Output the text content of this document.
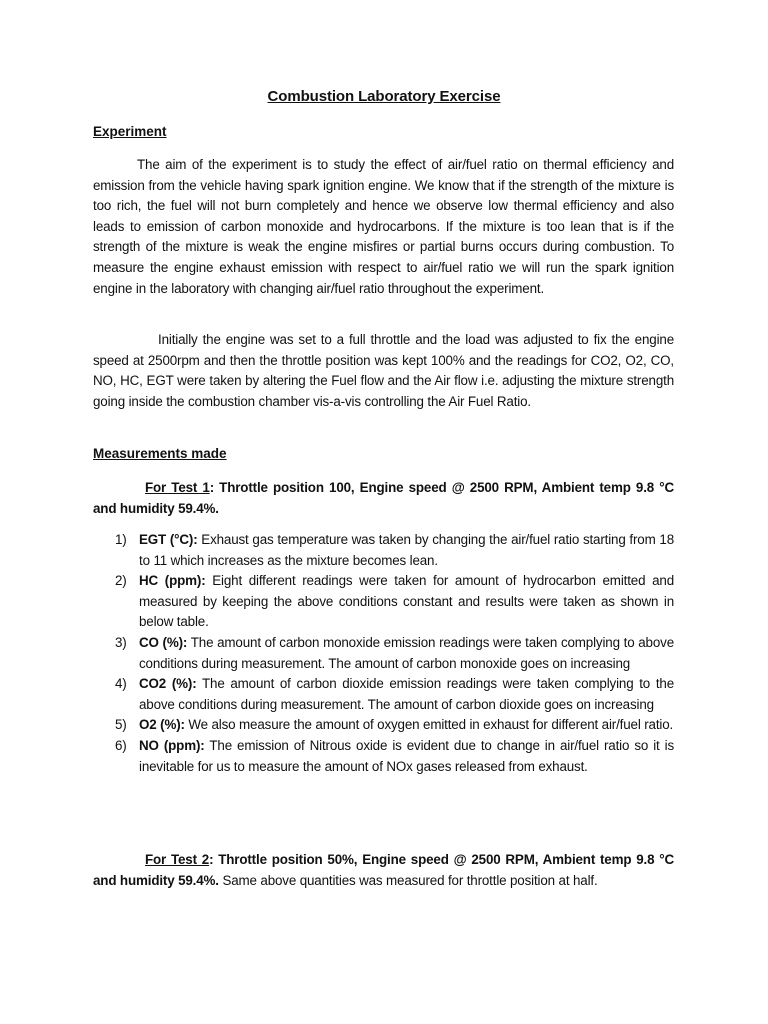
Combustion Laboratory Exercise
Experiment

The aim of the experiment is to study the effect of air/fuel ratio on thermal efficiency and emission from the vehicle having spark ignition engine. We know that if the strength of the mixture is too rich, the fuel will not burn completely and hence we observe low thermal efficiency and also leads to emission of carbon monoxide and hydrocarbons. If the mixture is too lean that is if the strength of the mixture is weak the engine misfires or partial burns occurs during combustion. To measure the engine exhaust emission with respect to air/fuel ratio we will run the spark ignition engine in the laboratory with changing air/fuel ratio throughout the experiment.

Initially the engine was set to a full throttle and the load was adjusted to fix the engine speed at 2500rpm and then the throttle position was kept 100% and the readings for CO2, O2, CO, NO, HC, EGT were taken by altering the Fuel flow and the Air flow i.e. adjusting the mixture strength going inside the combustion chamber vis-a-vis controlling the Air Fuel Ratio.

Measurements made

For Test 1: Throttle position 100, Engine speed @ 2500 RPM, Ambient temp 9.8 °C and humidity 59.4%.

1) EGT (°C): Exhaust gas temperature was taken by changing the air/fuel ratio starting from 18 to 11 which increases as the mixture becomes lean.
2) HC (ppm): Eight different readings were taken for amount of hydrocarbon emitted and measured by keeping the above conditions constant and results were taken as shown in below table.
3) CO (%): The amount of carbon monoxide emission readings were taken complying to above conditions during measurement. The amount of carbon monoxide goes on increasing
4) CO2 (%): The amount of carbon dioxide emission readings were taken complying to the above conditions during measurement. The amount of carbon dioxide goes on increasing
5) O2 (%): We also measure the amount of oxygen emitted in exhaust for different air/fuel ratio.
6) NO (ppm): The emission of Nitrous oxide is evident due to change in air/fuel ratio so it is inevitable for us to measure the amount of NOx gases released from exhaust.

For Test 2: Throttle position 50%, Engine speed @ 2500 RPM, Ambient temp 9.8 °C and humidity 59.4%. Same above quantities was measured for throttle position at half.
